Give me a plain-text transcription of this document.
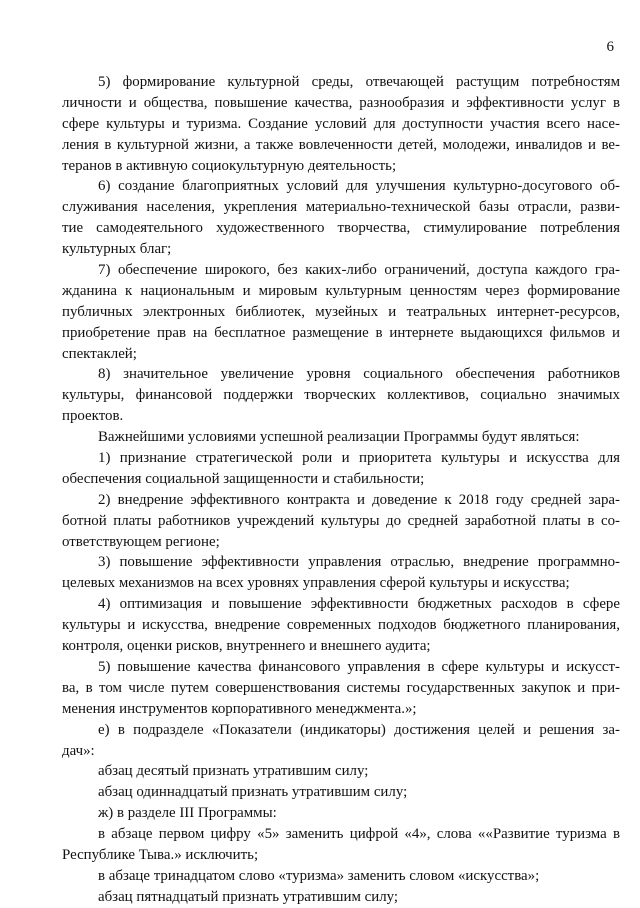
6
5) формирование культурной среды, отвечающей растущим потребностям
личности и общества, повышение качества, разнообразия и эффективности услуг в
сфере культуры и туризма. Создание условий для доступности участия всего насе-
ления в культурной жизни, а также вовлеченности детей, молодежи, инвалидов и ве-
теранов в активную социокультурную деятельность;
6) создание благоприятных условий для улучшения культурно-досугового об-
служивания населения, укрепления материально-технической базы отрасли, разви-
тие самодеятельного художественного творчества, стимулирование потребления
культурных благ;
7) обеспечение широкого, без каких-либо ограничений, доступа каждого гра-
жданина к национальным и мировым культурным ценностям через формирование
публичных электронных библиотек, музейных и театральных интернет-ресурсов,
приобретение прав на бесплатное размещение в интернете выдающихся фильмов и
спектаклей;
8) значительное увеличение уровня социального обеспечения работников
культуры, финансовой поддержки творческих коллективов, социально значимых
проектов.
Важнейшими условиями успешной реализации Программы будут являться:
1) признание стратегической роли и приоритета культуры и искусства для
обеспечения социальной защищенности и стабильности;
2) внедрение эффективного контракта и доведение к 2018 году средней зара-
ботной платы работников учреждений культуры до средней заработной платы в со-
ответствующем регионе;
3) повышение эффективности управления отраслью, внедрение программно-
целевых механизмов на всех уровнях управления сферой культуры и искусства;
4) оптимизация и повышение эффективности бюджетных расходов в сфере
культуры и искусства, внедрение современных подходов бюджетного планирования,
контроля, оценки рисков, внутреннего и внешнего аудита;
5) повышение качества финансового управления в сфере культуры и искусст-
ва, в том числе путем совершенствования системы государственных закупок и при-
менения инструментов корпоративного менеджмента.»;
е) в подразделе «Показатели (индикаторы) достижения целей и решения за-
дач»:
абзац десятый признать утратившим силу;
абзац одиннадцатый признать утратившим силу;
ж) в разделе III Программы:
в абзаце первом цифру «5» заменить цифрой «4», слова ««Развитие туризма в
Республике Тыва.» исключить;
в абзаце тринадцатом слово «туризма» заменить словом «искусства»;
абзац пятнадцатый признать утратившим силу;
